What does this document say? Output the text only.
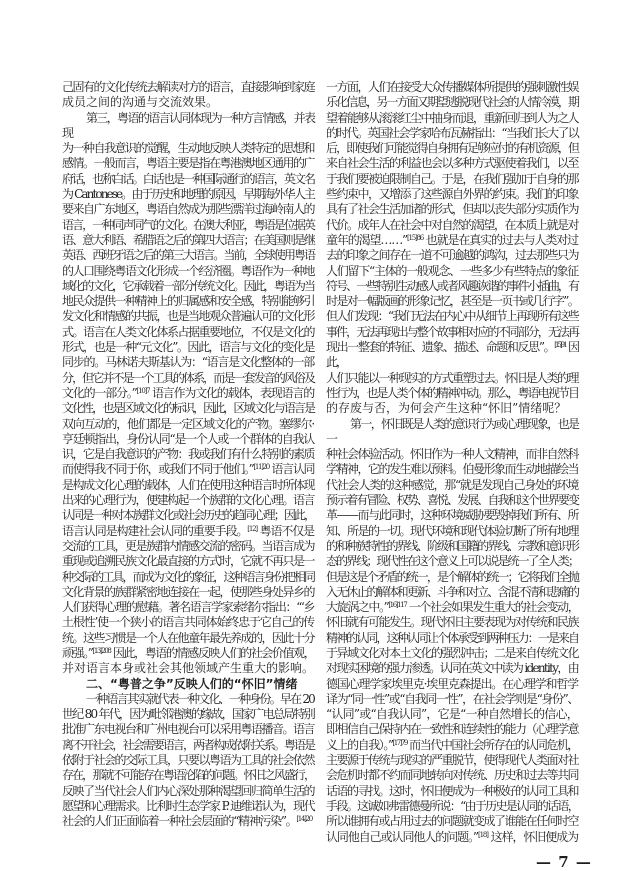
己固有的文化传统去解读对方的语言，直接影响到家庭
成员之间的沟通与交流效果。
第三，粤语的语言认同体现为一种方言情感，并表现
为一种自我意识的觉醒，生动地反映人类特定的思想和
感情。一般而言，粤语主要是指在粤港澳地区通用的广
府话，也称白话。白话也是一种国际通行的语言，英文名
为 Cantonese。由于历史和地理的原因，早期海外华人主
要来自广东地区，粤语自然成为那些漂洋过海岭南人的
语言，一种同声同气的文化。在澳大利亚，粤语是位据英
语、意大利语、希腊语之后的第四大语言；在美国则是继
英语、西班牙语之后的第三大语言。当前，全球使用粤语
的人口围绕粤语文化形成一个经济圈。粤语作为一种地
域化的文化，它承载着一部分传统文化。因此，粤语为当
地民众提供一种精神上的归属感和安全感，特别能够引
发文化和情感的共振，也是当地观众普遍认可的文化形
式。语言在人类文化体系占据重要地位，不仅是文化的
形式，也是一种“元文化”。因此，语言与文化的变化是
同步的。马林诺夫斯基认为：“语言是文化整体的一部
分，但它并不是一个工具的体系，而是一套发音的风俗及
文化的一部分。”$^{[10]7}$ 语言作为文化的载体，表现语言的
文化性，也是区域文化的标识，因此，区域文化与语言是
双向互动的，他们都是一定区域文化的产物。塞缪尔·
亨廷顿指出，身份认同“是一个人或一个群体的自我认
识，它是自我意识的产物：我或我们有什么特别的素质
而使得我不同于你，或我们不同于他们。”$^{[11]20}$ 语言认同
是构成文化心理的载体，人们在使用这种语言时所体现
出来的心理行为，便建构起一个族群的文化心理。语言
认同是一种对本族群文化或社会历史的趋同心理；因此，
语言认同是构建社会认同的重要手段。[12] 粤语不仅是
交流的工具，更是族群内情感交流的密码。当语言成为
重现或追溯民族文化最直接的方式时，它就不再只是一
种交际的工具，而成为文化的象征，这种语言身份把相同
文化背景的族群紧密地连接在一起，使那些身处异乡的
人们获得心理的慰藉。著名语言学家索绪尔指出：“‘乡
土根性’使一个狭小的语言共同体始终忠于它自己的传
统。这些习惯是一个人在他童年最先养成的，因此十分
顽强。”$^{[13]208}$ 因此，粤语的情感反映人们的社会价值观，
并对语言本身或社会其他领域产生重大的影响。
二、“粤普之争”反映人们的“怀旧”情绪
一种语言其实就代表一种文化、一种身份。早在 20
世纪 80 年代，因为毗邻港澳的缘故，国家广电总局特别
批准广东电视台和广州电视台可以采用粤语播音。语言
离不开社会，社会需要语言，两者构成依附关系。粤语是
依附于社会的交际工具，只要以粤语为工具的社会依然
存在，那就不可能存在粤语沦陷的问题。怀旧之风盛行，
反映了当代社会人们内心深处那种渴望回归简单生活的
愿望和心理需求。比利时生态学家 P. 迪维诺认为，现代
社会的人们正面临着一种社会层面的“精神污染”。$^{[14]20}$
一方面，人们在接受大众传播媒体所提供的强刺激性娱
乐化信息，另一方面又期望逃脱现代社会的人情冷漠，期
望着能够从滚滚红尘中抽身而退，重新回归到人为之人
的时代。英国社会学家哈布瓦赫指出：“当我们长大了以
后，即使我们可能觉得自身拥有足够应付的有机资源，但
来自社会生活的利益也会以多种方式驱使着我们，以至
于我们要被迫限制自己。于是，在我们强加于自身的那
些约束中，又增添了这些源自外界的约束。我们的印象
具有了社会生活加诸的形式，但却以丧失部分实质作为
代价。成年人在社会中对自然的渴望，在本质上就是对
童年的渴望……”$^{[15]86}$ 也就是在真实的过去与人类对过
去的印象之间存在一道不可逾越的鸿沟，过去那些只为
人们留下“主体的一般观念、一些多少有些特点的象征
符号、一些特别生动感人或者风趣诙谐的事件小插曲，有
时是对一幅版画的形象记忆，甚至是一页书或几行字”。
但人们发现：“我们无法在内心中从细节上再现所有这些
事件，无法再现出与整个故事相对应的不同部分，无法再
现出一整套的特征、遗象、描述、命题和反思”。$^{[15]91}$ 因此，
人们只能以一种现实的方式重塑过去。怀旧是人类的理
性行为，也是人类个体的精神冲动。那么，粤语电视节目
的存废与否，为何会产生这种“怀旧”情绪呢？
第一，怀旧既是人类的意识行为或心理现象，也是一
种社会体验活动。怀旧作为一种人文精神，而非自然科
学精神，它的发生难以预料。伯曼形象而生动地描绘当
代社会人类的这种感觉，那“就是发现自己身处的环境
预示着有冒险、权势、喜悦、发展、自我和这个世界要变
革——而与此同时，这种环境威胁要毁掉我们所有、所
知、所是的一切。现代环境和现代体验切断了所有地理
的和种族特性的界线、阶级和国籍的界线、宗教和意识形
态的界线；现代性在这个意义上可以说是统一了全人类；
但是这是个矛盾的统一，是个解体的统一；它将我们全抛
入无休止的解体和更新、斗争和对立、含混不清和悲痛的
大旋涡之中。”$^{[16]117}$ 一个社会如果发生重大的社会变动，
怀旧就有可能发生。现代怀旧主要表现为对传统和民族
精神的认同，这种认同让个体承受到两种压力：一是来自
于异域文化对本土文化的强烈冲击；二是来自传统文化
对现实困境的强力渗透。认同在英文中读为 identity，由
德国心理学家埃里克·埃里克森提出。在心理学和哲学
译为“同一性”或“自我同一性”，在社会学则是“身份”、
“认同”或“自我认同”，它是“一种自然增长的信心，
即相信自己保持内在一致性和连续性的能力（心理学意
义上的自我）。”$^{[17]79}$ 而当代中国社会所存在的认同危机，
主要源于传统与现实的严重脱节，使得现代人类面对社
会危机时都不约而同地转向对传统、历史和过去等共同
话语的寻找。这时，怀旧便成为一种极好的认同工具和
手段。这诚如弗雷德曼所说：“由于历史是认同的话语，
所以谁拥有或占用过去的问题就变成了谁能在任何时空
认同他自己或认同他人的问题。”[18] 这样，怀旧便成为
— 7 —
